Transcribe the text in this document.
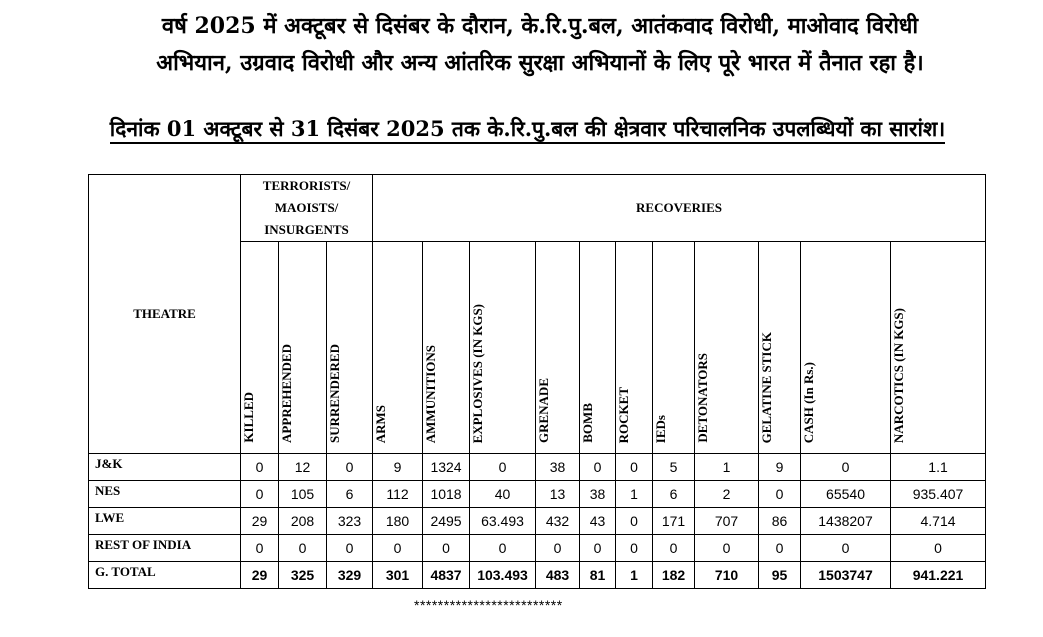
वर्ष 2025 में अक्टूबर से दिसंबर के दौरान, के.रि.पु.बल, आतंकवाद विरोधी, माओवाद विरोधी
अभियान, उग्रवाद विरोधी और अन्य आंतरिक सुरक्षा अभियानों के लिए पूरे भारत में तैनात रहा है।
दिनांक 01 अक्टूबर से 31 दिसंबर 2025 तक के.रि.पु.बल की क्षेत्रवार परिचालनिक उपलब्धियों का सारांश।
THEATRE	TERRORISTS/
MAOISTS/
INSURGENTS			RECOVERIES										
	KILLED	APPREHENDED	SURRENDERED	ARMS	AMMUNITIONS	EXPLOSIVES (IN KGS)	GRENADE	BOMB	ROCKET	IEDs	DETONATORS	GELATINE STICK	CASH (In Rs.)	NARCOTICS (IN KGS)
J&K	0	12	0	9	1324	0	38	0	0	5	1	9	0	1.1
NES	0	105	6	112	1018	40	13	38	1	6	2	0	65540	935.407
LWE	29	208	323	180	2495	63.493	432	43	0	171	707	86	1438207	4.714
REST OF INDIA	0	0	0	0	0	0	0	0	0	0	0	0	0	0
G. TOTAL	29	325	329	301	4837	103.493	483	81	1	182	710	95	1503747	941.221
*************************
